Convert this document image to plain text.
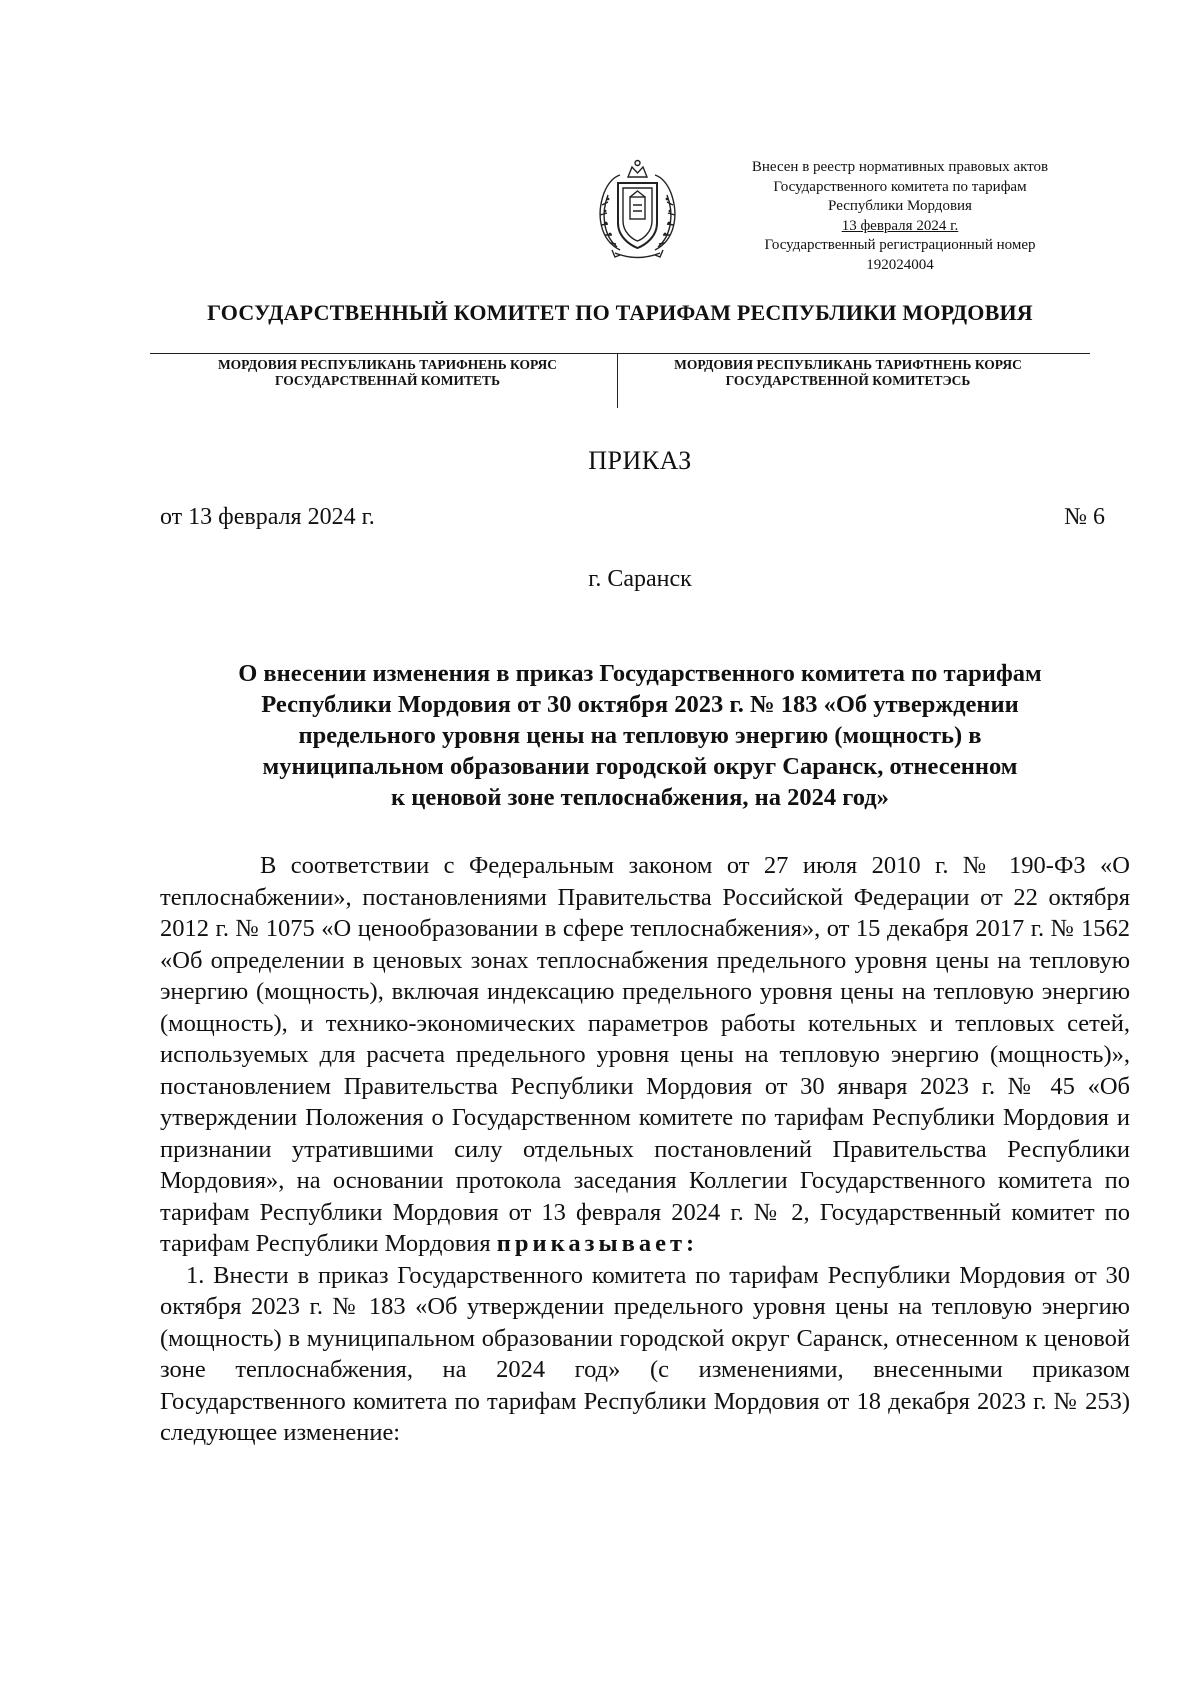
Внесен в реестр нормативных правовых актов
Государственного комитета по тарифам
Республики Мордовия
13 февраля 2024 г.
Государственный регистрационный номер
192024004
ГОСУДАРСТВЕННЫЙ КОМИТЕТ ПО ТАРИФАМ РЕСПУБЛИКИ МОРДОВИЯ
МОРДОВИЯ РЕСПУБЛИКАНЬ ТАРИФНЕНЬ КОРЯС
ГОСУДАРСТВЕННАЙ КОМИТЕТЬ
МОРДОВИЯ РЕСПУБЛИКАНЬ ТАРИФТНЕНЬ КОРЯС
ГОСУДАРСТВЕННОЙ КОМИТЕТЭСЬ
ПРИКАЗ
от 13 февраля 2024 г.	№ 6
г. Саранск
О внесении изменения в приказ Государственного комитета по тарифам
Республики Мордовия от 30 октября 2023 г. № 183 «Об утверждении
предельного уровня цены на тепловую энергию (мощность) в
муниципальном образовании городской округ Саранск, отнесенном
к ценовой зоне теплоснабжения, на 2024 год»

В соответствии с Федеральным законом от 27 июля 2010 г. № 190-ФЗ «О теплоснабжении», постановлениями Правительства Российской Федерации от 22 октября 2012 г. № 1075 «О ценообразовании в сфере теплоснабжения», от 15 декабря 2017 г. № 1562 «Об определении в ценовых зонах теплоснабжения предельного уровня цены на тепловую энергию (мощность), включая индексацию предельного уровня цены на тепловую энергию (мощность), и технико-экономических параметров работы котельных и тепловых сетей, используемых для расчета предельного уровня цены на тепловую энергию (мощность)», постановлением Правительства Республики Мордовия от 30 января 2023 г. № 45 «Об утверждении Положения о Государственном комитете по тарифам Республики Мордовия и признании утратившими силу отдельных постановлений Правительства Республики Мордовия», на основании протокола заседания Коллегии Государственного комитета по тарифам Республики Мордовия от 13 февраля 2024 г. № 2, Государственный комитет по тарифам Республики Мордовия приказывает:

1. Внести в приказ Государственного комитета по тарифам Республики Мордовия от 30 октября 2023 г. № 183 «Об утверждении предельного уровня цены на тепловую энергию (мощность) в муниципальном образовании городской округ Саранск, отнесенном к ценовой зоне теплоснабжения, на 2024 год» (с изменениями, внесенными приказом Государственного комитета по тарифам Республики Мордовия от 18 декабря 2023 г. № 253) следующее изменение:
